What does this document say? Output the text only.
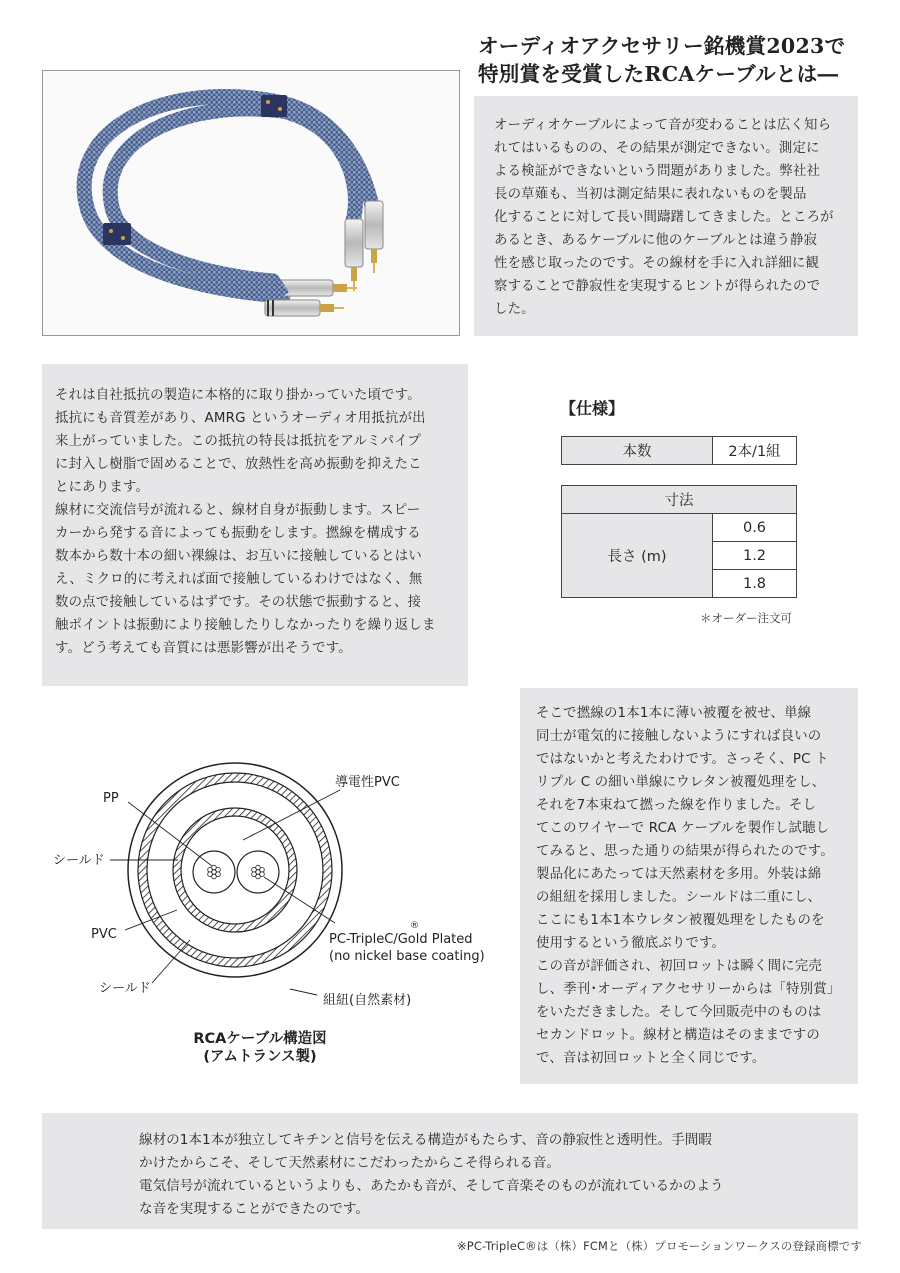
オーディオアクセサリー銘機賞2023で
特別賞を受賞したRCAケーブルとは―

オーディオケーブルによって音が変わることは広く知ら

れてはいるものの、その結果が測定できない。測定に

よる検証ができないという問題がありました。弊社社

長の草薙も、当初は測定結果に表れないものを製品

化することに対して長い間躊躇してきました。ところが

あるとき、あるケーブルに他のケーブルとは違う静寂

性を感じ取ったのです。その線材を手に入れ詳細に観

察することで静寂性を実現するヒントが得られたので

した。

それは自社抵抗の製造に本格的に取り掛かっていた頃です。

抵抗にも音質差があり、AMRG というオーディオ用抵抗が出

来上がっていました。この抵抗の特長は抵抗をアルミパイプ

に封入し樹脂で固めることで、放熱性を高め振動を抑えたこ

とにあります。

線材に交流信号が流れると、線材自身が振動します。スピー

カーから発する音によっても振動をします。撚線を構成する

数本から数十本の細い裸線は、お互いに接触しているとはい

え、ミクロ的に考えれば面で接触しているわけではなく、無

数の点で接触しているはずです。その状態で振動すると、接

触ポイントは振動により接触したりしなかったりを繰り返しま

す。どう考えても音質には悪影響が出そうです。

【仕様】
本数	2本/1組
寸法
長さ (m)	0.6
1.2
1.8
＊オーダー注文可
導電性PVC
PP
シールド
PVC
シールド
®
PC-TripleC/Gold Plated
(no nickel base coating)
組紐(自然素材)
RCAケーブル構造図
(アムトランス製)

そこで撚線の1本1本に薄い被覆を被せ、単線

同士が電気的に接触しないようにすれば良いの

ではないかと考えたわけです。さっそく、PC ト

リプル C の細い単線にウレタン被覆処理をし、

それを7本束ねて撚った線を作りました。そし

てこのワイヤーで RCA ケーブルを製作し試聴し

てみると、思った通りの結果が得られたのです。

製品化にあたっては天然素材を多用。外装は綿

の組紐を採用しました。シールドは二重にし、

ここにも1本1本ウレタン被覆処理をしたものを

使用するという徹底ぶりです。

この音が評価され、初回ロットは瞬く間に完売

し、季刊･オーディアクセサリーからは「特別賞」

をいただきました。そして今回販売中のものは

セカンドロット。線材と構造はそのままですの

で、音は初回ロットと全く同じです。

線材の1本1本が独立してキチンと信号を伝える構造がもたらす、音の静寂性と透明性。手間暇

かけたからこそ、そして天然素材にこだわったからこそ得られる音。

電気信号が流れているというよりも、あたかも音が、そして音楽そのものが流れているかのよう

な音を実現することができたのです。

※PC-TripleC®は（株）FCMと（株）プロモーションワークスの登録商標です
